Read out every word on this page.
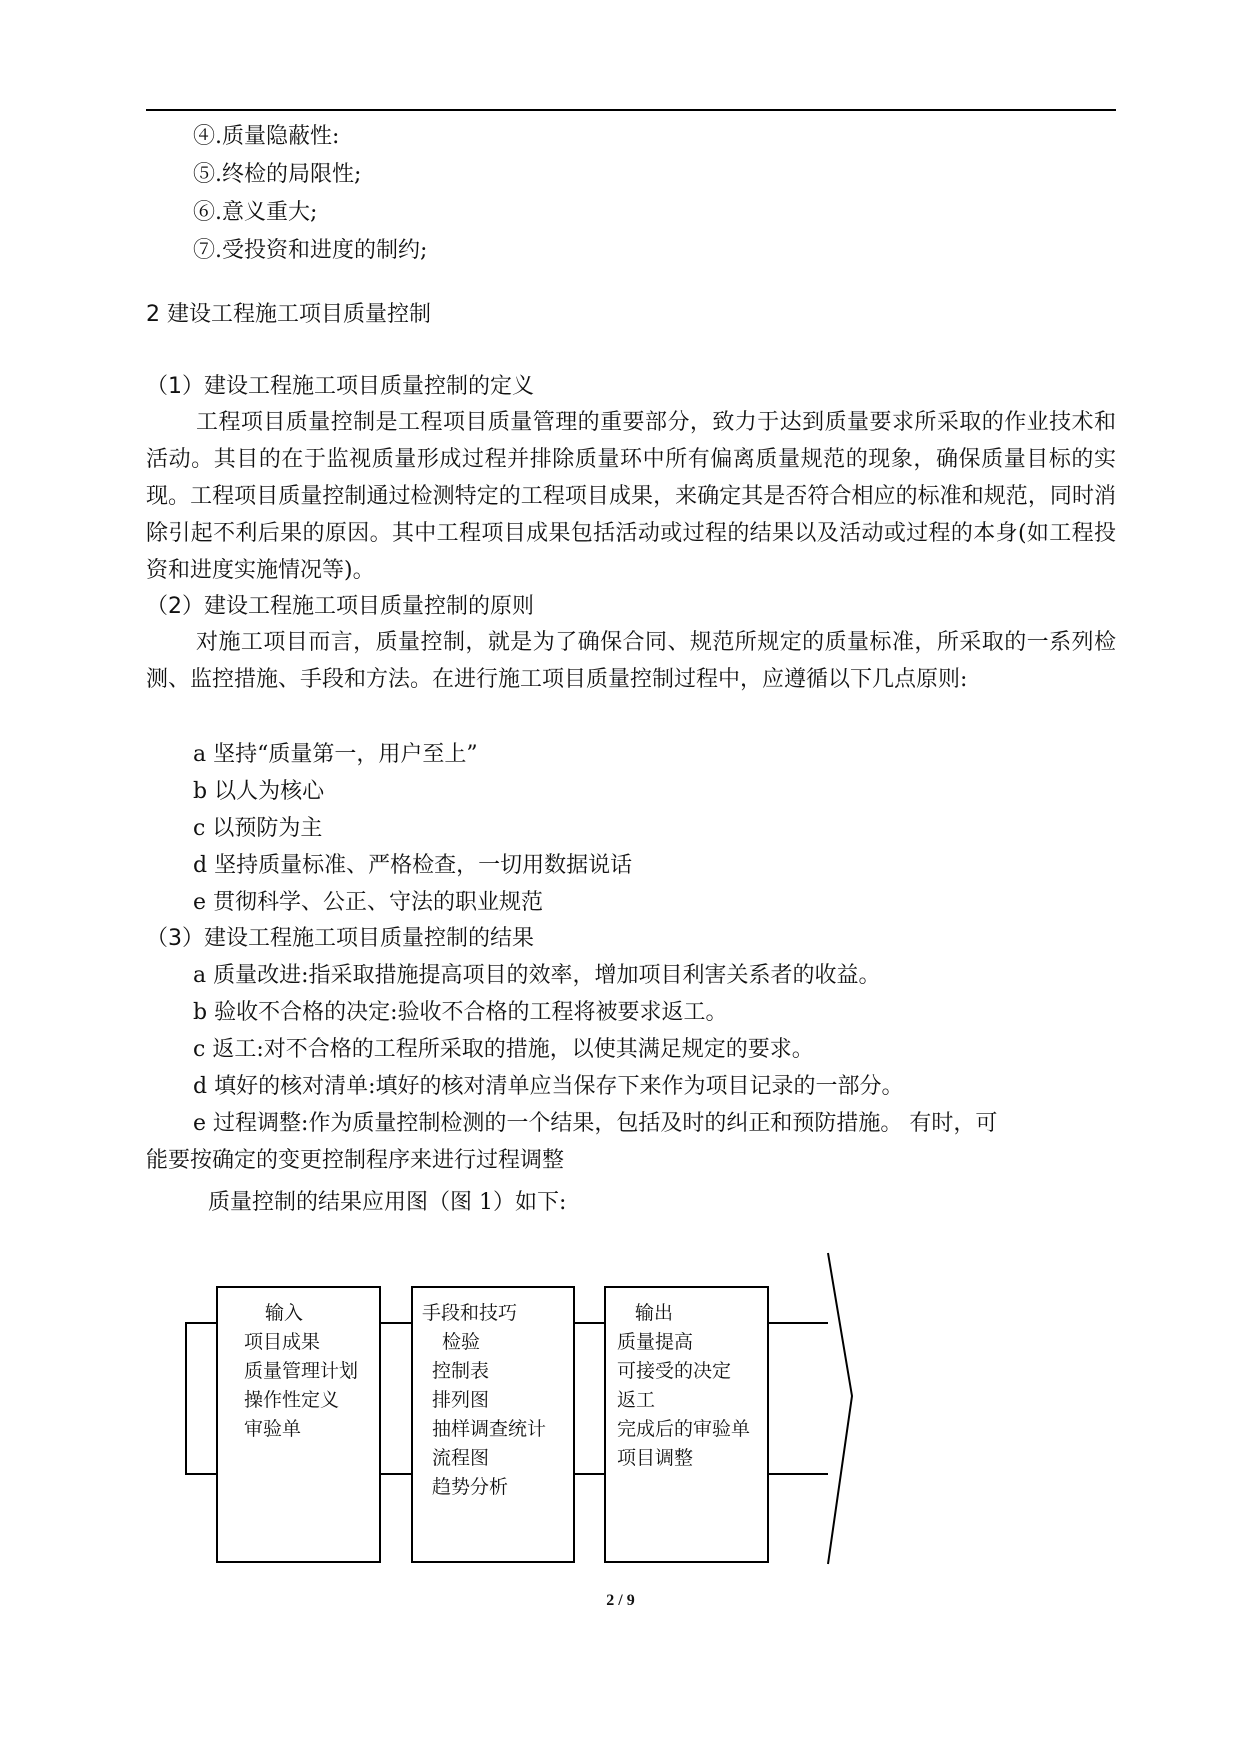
④.质量隐蔽性:
⑤.终检的局限性;
⑥.意义重大;
⑦.受投资和进度的制约;
2 建设工程施工项目质量控制
（1）建设工程施工项目质量控制的定义

工程项目质量控制是工程项目质量管理的重要部分，致力于达到质量要求所采取的作业技术和活动。其目的在于监视质量形成过程并排除质量环中所有偏离质量规范的现象，确保质量目标的实现。工程项目质量控制通过检测特定的工程项目成果，来确定其是否符合相应的标准和规范，同时消除引起不利后果的原因。其中工程项目成果包括活动或过程的结果以及活动或过程的本身(如工程投资和进度实施情况等)。

（2）建设工程施工项目质量控制的原则

对施工项目而言，质量控制，就是为了确保合同、规范所规定的质量标准，所采取的一系列检测、监控措施、手段和方法。在进行施工项目质量控制过程中，应遵循以下几点原则:

a 坚持“质量第一，用户至上”
b 以人为核心
c 以预防为主
d 坚持质量标准、严格检查，一切用数据说话
e 贯彻科学、公正、守法的职业规范
（3）建设工程施工项目质量控制的结果
a 质量改进:指采取措施提高项目的效率，增加项目利害关系者的收益。
b 验收不合格的决定:验收不合格的工程将被要求返工。
c 返工:对不合格的工程所采取的措施，以使其满足规定的要求。
d 填好的核对清单:填好的核对清单应当保存下来作为项目记录的一部分。
e 过程调整:作为质量控制检测的一个结果，包括及时的纠正和预防措施。 有时，可
能要按确定的变更控制程序来进行过程调整
质量控制的结果应用图（图 1）如下:
输入
项目成果
质量管理计划
操作性定义
审验单
手段和技巧
检验
控制表
排列图
抽样调查统计
流程图
趋势分析
输出
质量提高
可接受的决定
返工
完成后的审验单
项目调整
2 / 9
